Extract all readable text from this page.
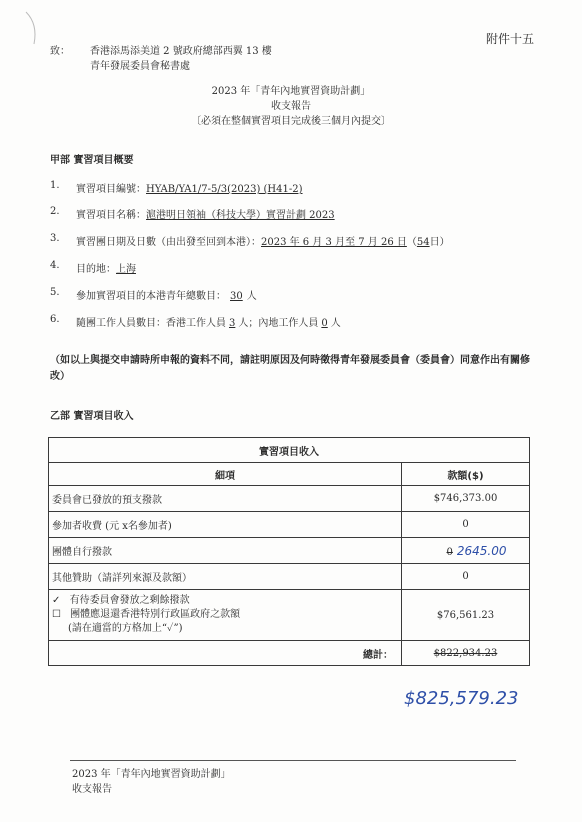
附件十五
致： 香港添馬添美道 2 號政府總部西翼 13 樓
青年發展委員會秘書處
2023 年「青年內地實習資助計劃」
收支報告
〔必須在整個實習項目完成後三個月內提交〕
甲部 實習項目概要
1. 實習項目編號：HYAB/YA1/7-5/3(2023) (H41-2)
2. 實習項目名稱：滬港明日領袖（科技大學）實習計劃 2023
3. 實習團日期及日數（由出發至回到本港）：2023 年 6 月 3 月至 7 月 26 日（54日）
4. 目的地：上海
5. 參加實習項目的本港青年總數目： 30 人
6. 隨團工作人員數目：香港工作人員 3 人；內地工作人員 0 人
（如以上與提交申請時所申報的資料不同，請註明原因及何時徵得青年發展委員會（委員會）同意作出有關修改）
乙部 實習項目收入
實習項目收入	
細項	款額($)
委員會已發放的預支撥款	$746,373.00
參加者收費 (元 x名參加者)	0
團體自行撥款	0 2645.00
其他贊助（請詳列來源及款額）	0

✓ 有待委員會發放之剩餘撥款
☐ 團體應退還香港特別行政區政府之款額
(請在適當的方格加上“✓”)	$76,561.23
總計：	$822,934.23
$825,579.23
2023 年「青年內地實習資助計劃」
收支報告
